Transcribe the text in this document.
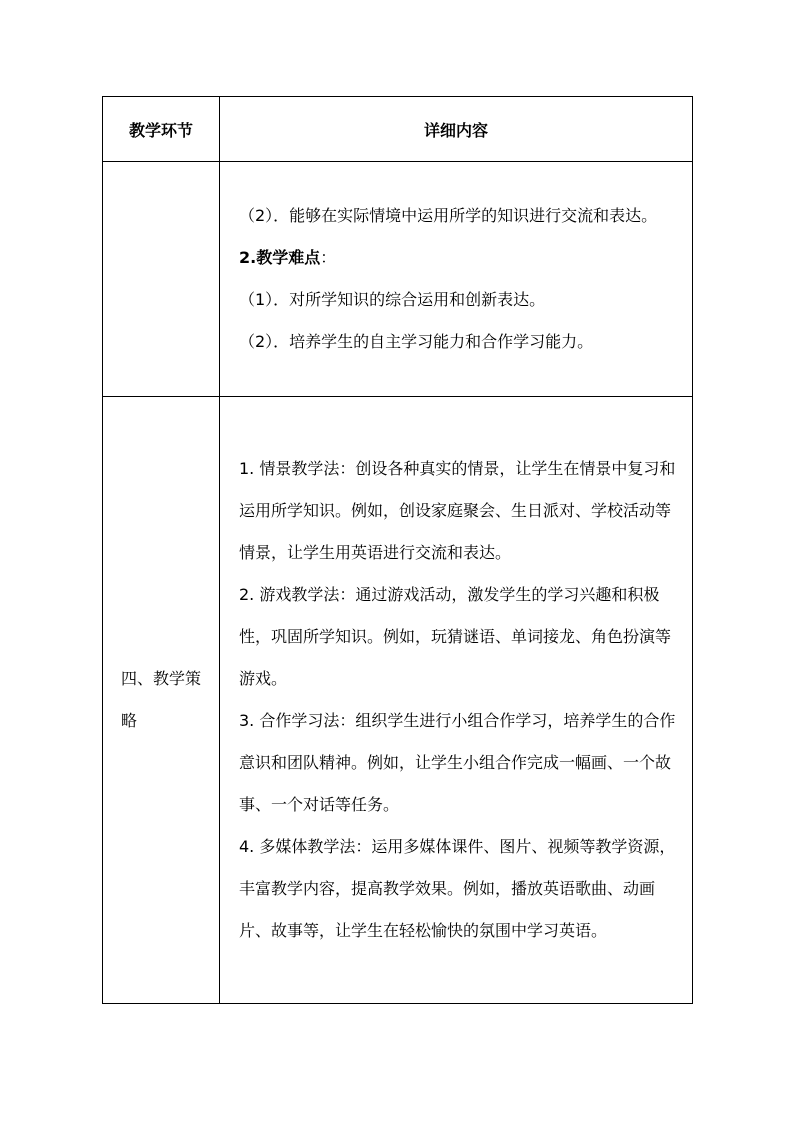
教学环节	详细内容

	（2）．能够在实际情境中运用所学的知识进行交流和表达。

2.教学难点：

（1）．对所学知识的综合运用和创新表达。

（2）．培养学生的自主学习能力和合作学习能力。

四、教学策略	1. 情景教学法：创设各种真实的情景，让学生在情景中复习和运用所学知识。例如，创设家庭聚会、生日派对、学校活动等情景，让学生用英语进行交流和表达。

2. 游戏教学法：通过游戏活动，激发学生的学习兴趣和积极性，巩固所学知识。例如，玩猜谜语、单词接龙、角色扮演等游戏。

3. 合作学习法：组织学生进行小组合作学习，培养学生的合作意识和团队精神。例如，让学生小组合作完成一幅画、一个故事、一个对话等任务。

4. 多媒体教学法：运用多媒体课件、图片、视频等教学资源，丰富教学内容，提高教学效果。例如，播放英语歌曲、动画片、故事等，让学生在轻松愉快的氛围中学习英语。
